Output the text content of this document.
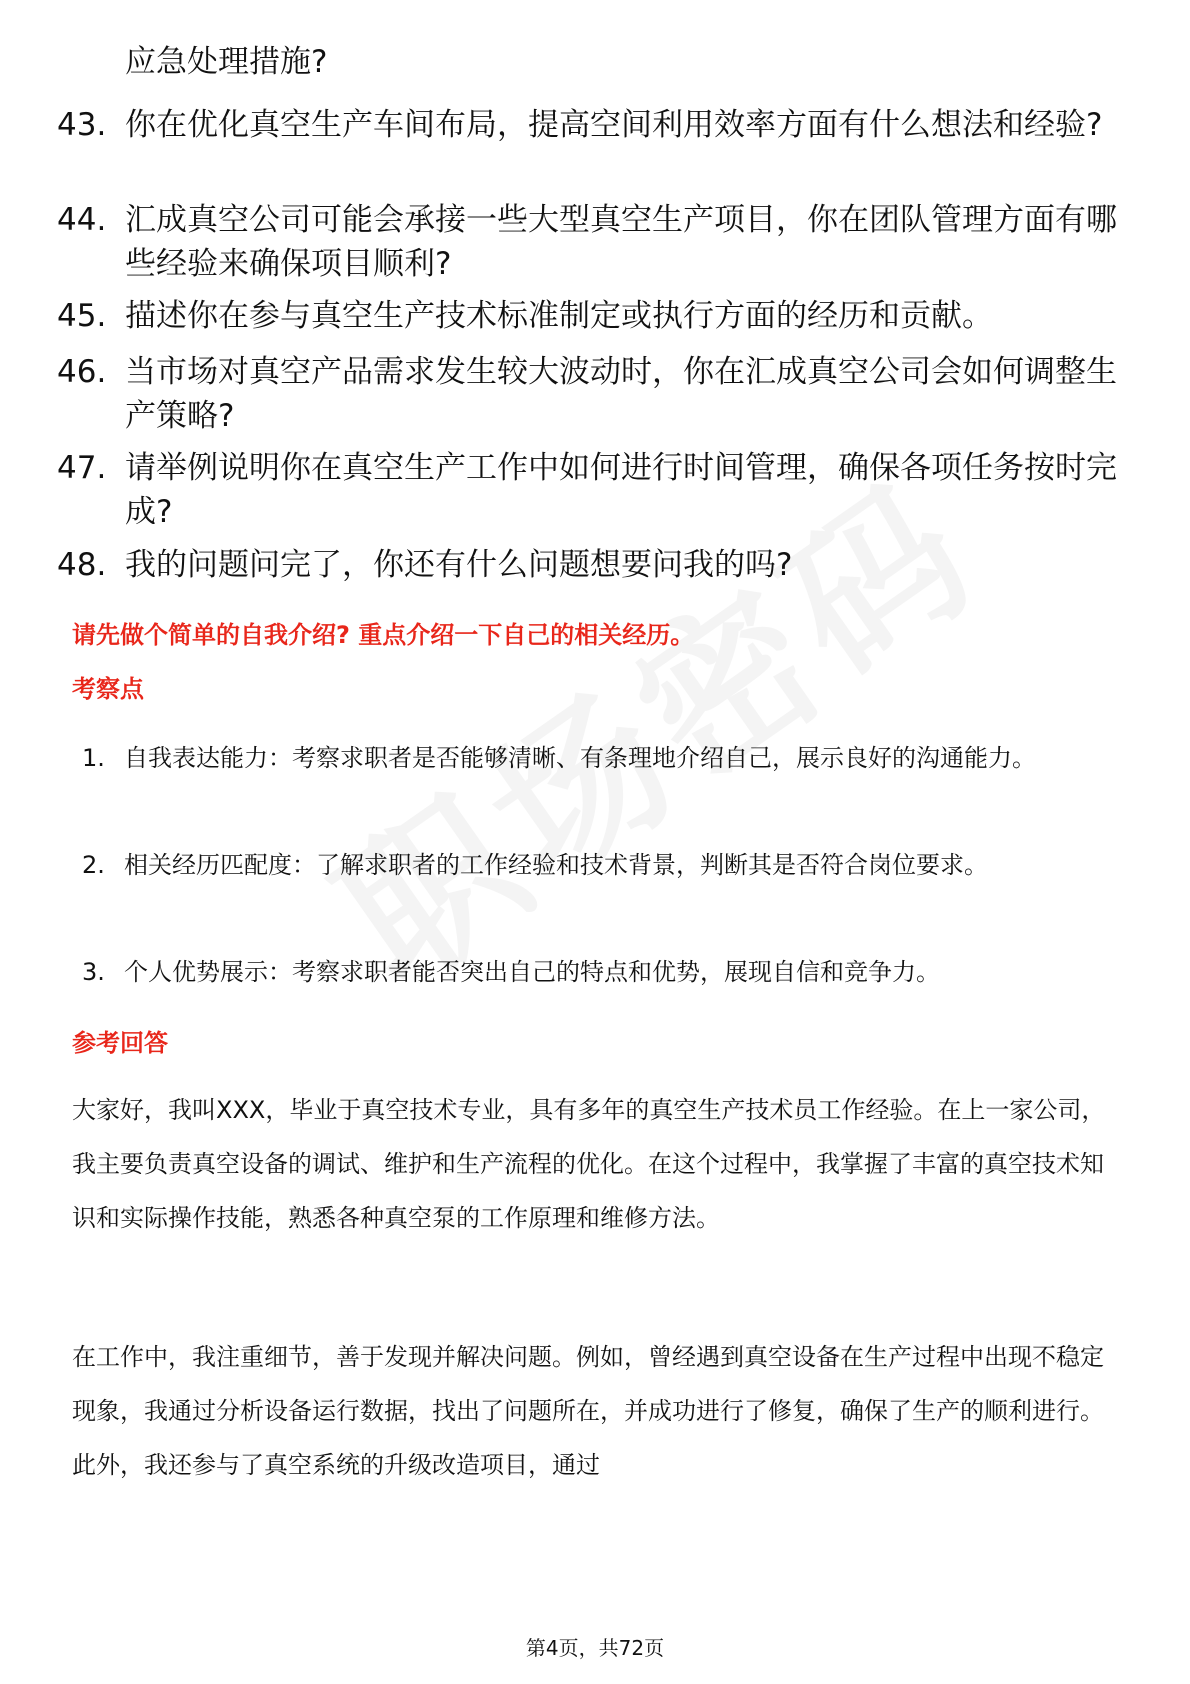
应急处理措施?
43. 你在优化真空生产车间布局，提高空间利用效率方面有什么想法和经验?
44. 汇成真空公司可能会承接一些大型真空生产项目，你在团队管理方面有哪些经验来确保项目顺利?
45. 描述你在参与真空生产技术标准制定或执行方面的经历和贡献。
46. 当市场对真空产品需求发生较大波动时，你在汇成真空公司会如何调整生产策略?
47. 请举例说明你在真空生产工作中如何进行时间管理，确保各项任务按时完成?
48. 我的问题问完了，你还有什么问题想要问我的吗?
请先做个简单的自我介绍? 重点介绍一下自己的相关经历。
考察点
1. 自我表达能力：考察求职者是否能够清晰、有条理地介绍自己，展示良好的沟通能力。
2. 相关经历匹配度：了解求职者的工作经验和技术背景，判断其是否符合岗位要求。
3. 个人优势展示：考察求职者能否突出自己的特点和优势，展现自信和竞争力。
参考回答
大家好，我叫XXX，毕业于真空技术专业，具有多年的真空生产技术员工作经验。在上一家公司，我主要负责真空设备的调试、维护和生产流程的优化。在这个过程中，我掌握了丰富的真空技术知识和实际操作技能，熟悉各种真空泵的工作原理和维修方法。
在工作中，我注重细节，善于发现并解决问题。例如，曾经遇到真空设备在生产过程中出现不稳定现象，我通过分析设备运行数据，找出了问题所在，并成功进行了修复，确保了生产的顺利进行。此外，我还参与了真空系统的升级改造项目，通过
第4页，共72页
